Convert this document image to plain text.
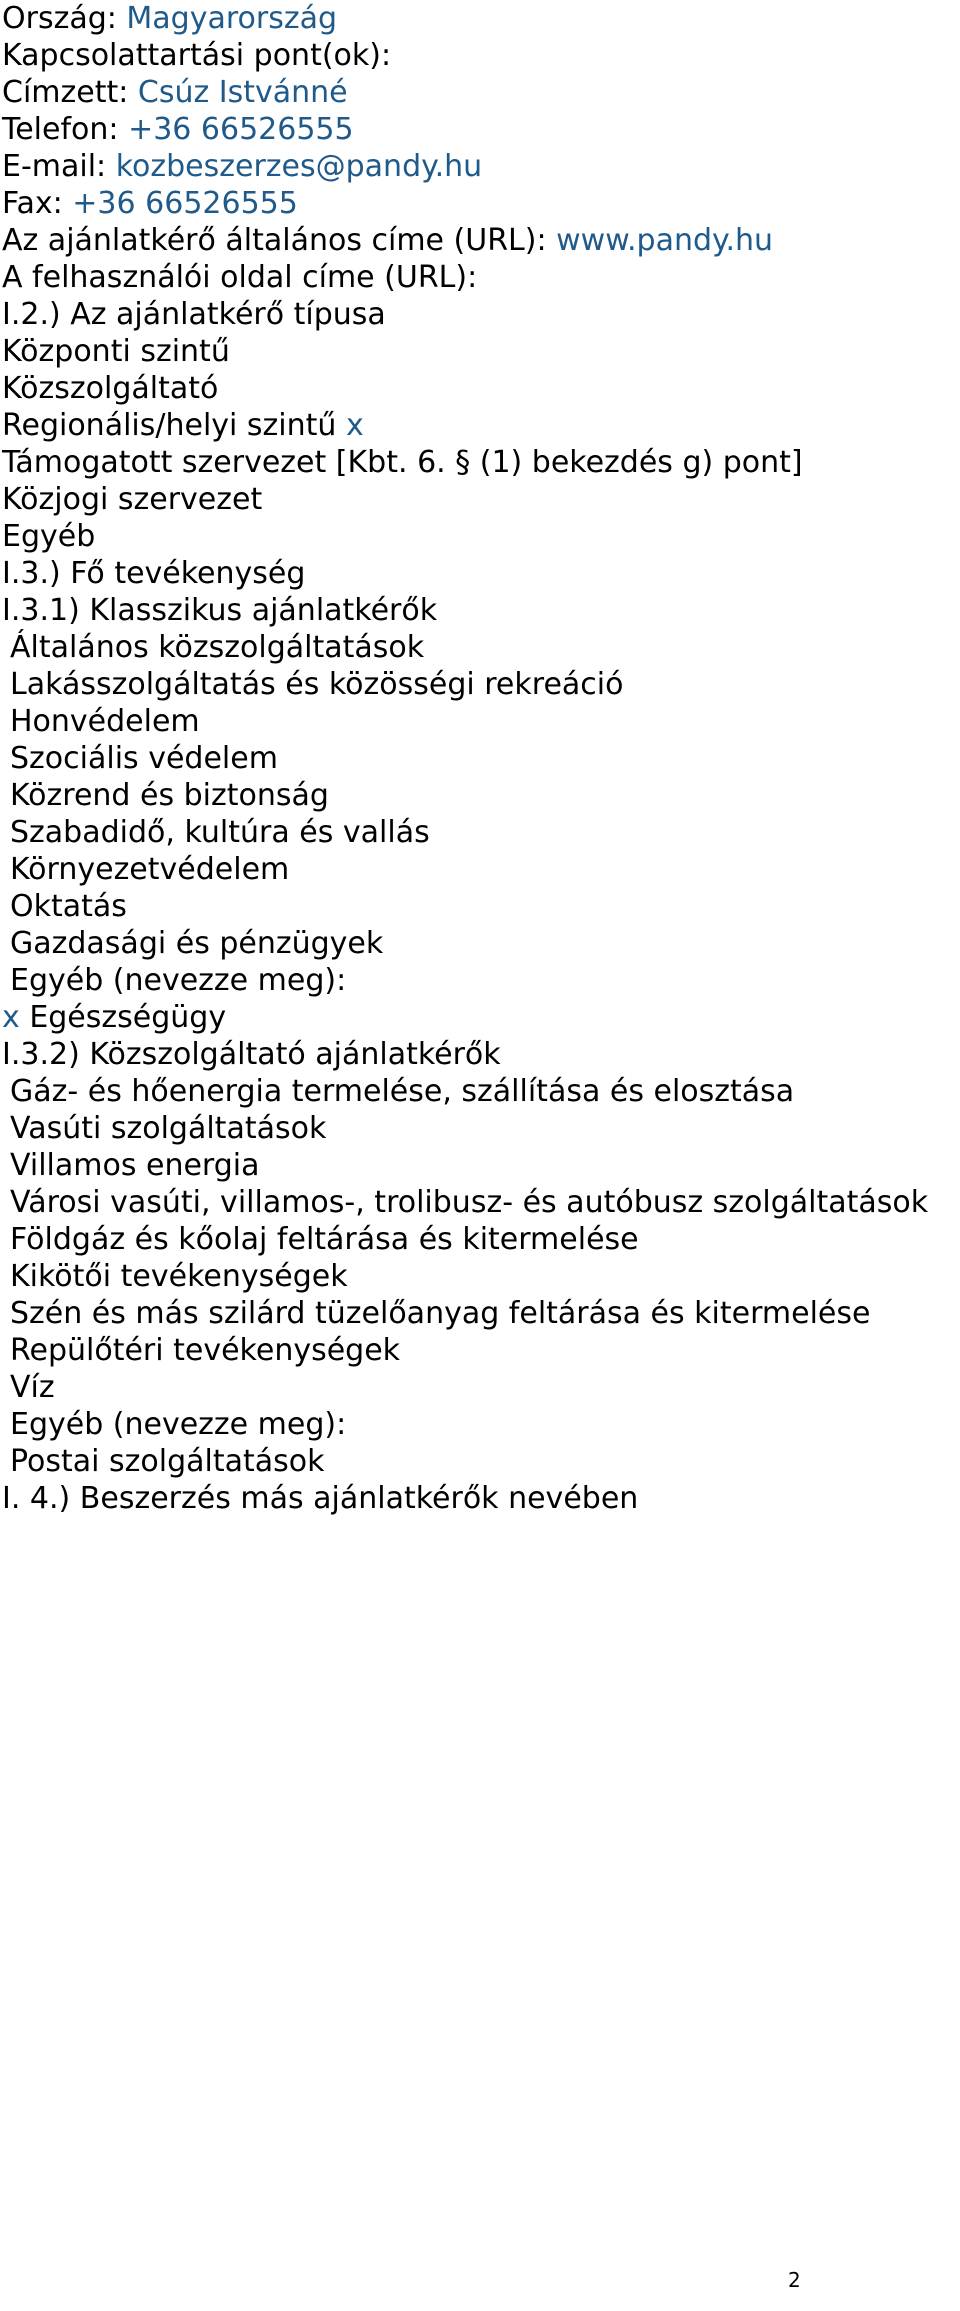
Ország: Magyarország
Kapcsolattartási pont(ok):
Címzett: Csúz Istvánné
Telefon: +36 66526555
E-mail: kozbeszerzes@pandy.hu
Fax: +36 66526555
Az ajánlatkérő általános címe (URL): www.pandy.hu
A felhasználói oldal címe (URL):
I.2.) Az ajánlatkérő típusa
Központi szintű
Közszolgáltató
Regionális/helyi szintű x
Támogatott szervezet [Kbt. 6. § (1) bekezdés g) pont]
Közjogi szervezet
Egyéb
I.3.) Fő tevékenység
I.3.1) Klasszikus ajánlatkérők
Általános közszolgáltatások
Lakásszolgáltatás és közösségi rekreáció
Honvédelem
Szociális védelem
Közrend és biztonság
Szabadidő, kultúra és vallás
Környezetvédelem
Oktatás
Gazdasági és pénzügyek
Egyéb (nevezze meg):
x Egészségügy
I.3.2) Közszolgáltató ajánlatkérők
Gáz- és hőenergia termelése, szállítása és elosztása
Vasúti szolgáltatások
Villamos energia
Városi vasúti, villamos-, trolibusz- és autóbusz szolgáltatások
Földgáz és kőolaj feltárása és kitermelése
Kikötői tevékenységek
Szén és más szilárd tüzelőanyag feltárása és kitermelése
Repülőtéri tevékenységek
Víz
Egyéb (nevezze meg):
Postai szolgáltatások
I. 4.) Beszerzés más ajánlatkérők nevében
2
